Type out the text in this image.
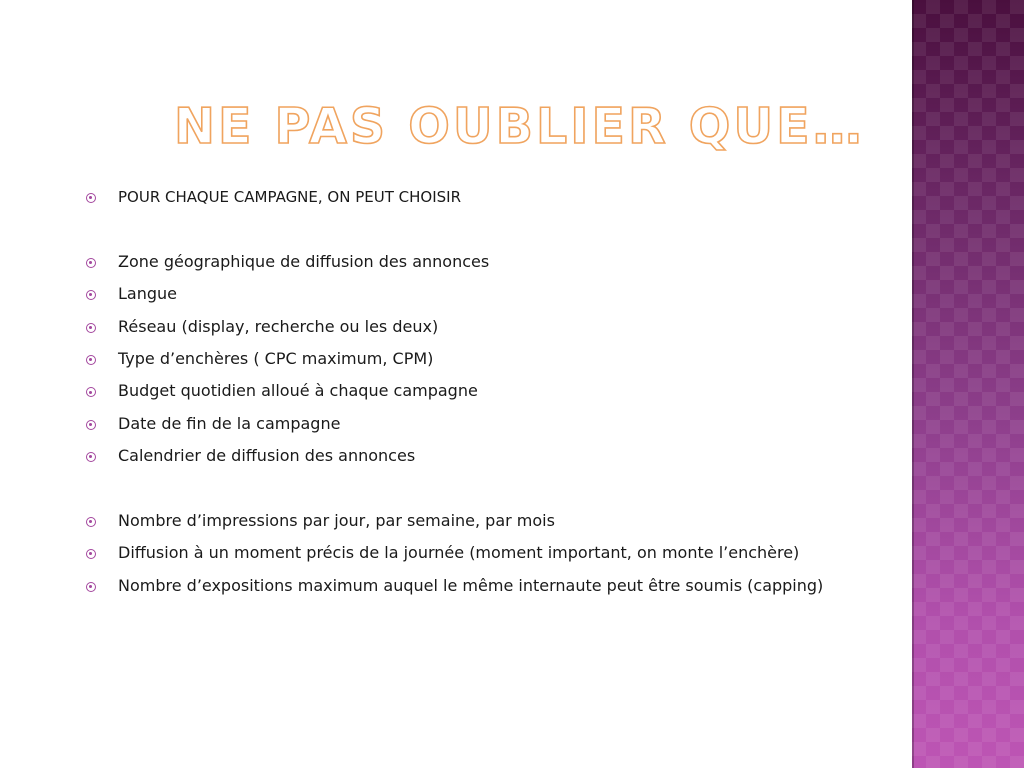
NE PAS OUBLIER QUE…
POUR CHAQUE CAMPAGNE, ON PEUT CHOISIR
Zone géographique de diffusion des annonces
Langue
Réseau (display, recherche ou les deux)
Type d’enchères ( CPC maximum, CPM)
Budget quotidien alloué à chaque campagne
Date de fin de la campagne
Calendrier de diffusion des annonces
Nombre d’impressions par jour, par semaine, par mois
Diffusion à un moment précis de la journée (moment important, on monte l’enchère)
Nombre d’expositions maximum auquel le même internaute peut être soumis (capping)
